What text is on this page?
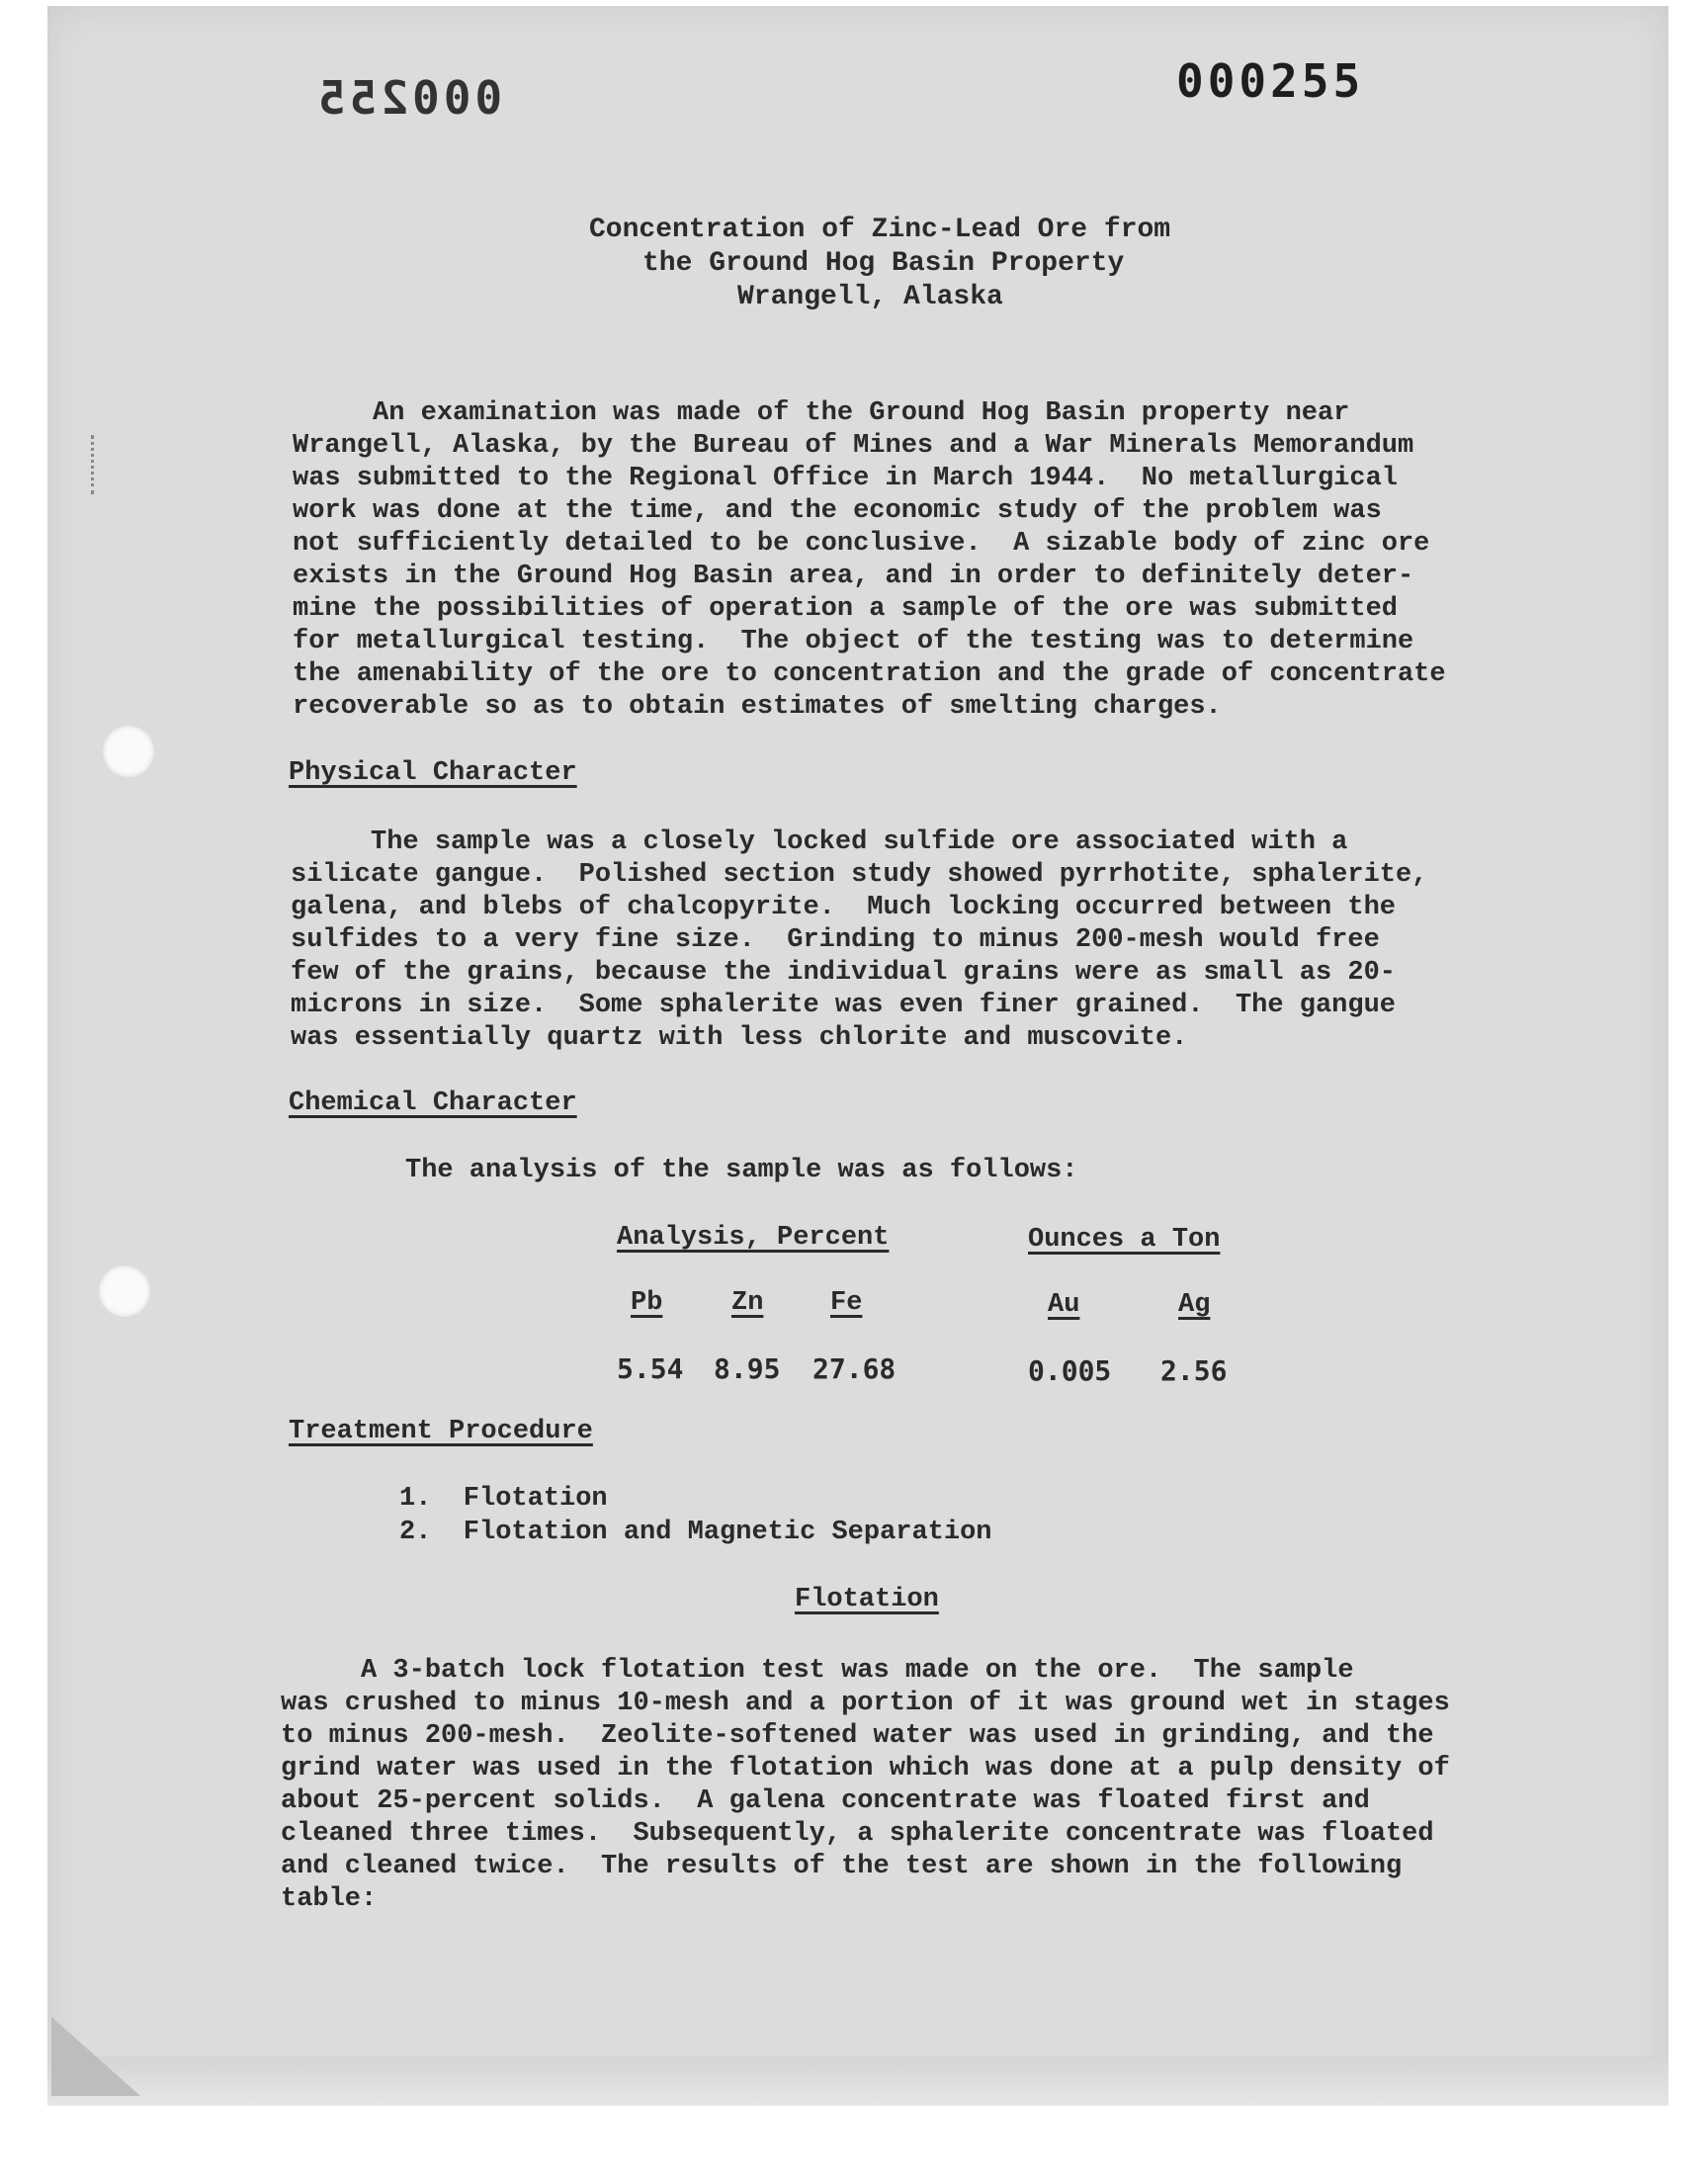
000255
000255
Concentration of Zinc-Lead Ore from
the Ground Hog Basin Property
Wrangell, Alaska
An examination was made of the Ground Hog Basin property near
Wrangell, Alaska, by the Bureau of Mines and a War Minerals Memorandum
was submitted to the Regional Office in March 1944.  No metallurgical
work was done at the time, and the economic study of the problem was
not sufficiently detailed to be conclusive.  A sizable body of zinc ore
exists in the Ground Hog Basin area, and in order to definitely deter-
mine the possibilities of operation a sample of the ore was submitted
for metallurgical testing.  The object of the testing was to determine
the amenability of the ore to concentration and the grade of concentrate
recoverable so as to obtain estimates of smelting charges.
Physical Character
The sample was a closely locked sulfide ore associated with a
silicate gangue.  Polished section study showed pyrrhotite, sphalerite,
galena, and blebs of chalcopyrite.  Much locking occurred between the
sulfides to a very fine size.  Grinding to minus 200-mesh would free
few of the grains, because the individual grains were as small as 20-
microns in size.  Some sphalerite was even finer grained.  The gangue
was essentially quartz with less chlorite and muscovite.
Chemical Character
The analysis of the sample was as follows:
Analysis, Percent	Ounces a Ton
Pb	Zn	Fe	Au	Ag
5.54 8.95 27.68	0.005 2.56
Treatment Procedure
1.  Flotation
2.  Flotation and Magnetic Separation
Flotation
A 3-batch lock flotation test was made on the ore.  The sample
was crushed to minus 10-mesh and a portion of it was ground wet in stages
to minus 200-mesh.  Zeolite-softened water was used in grinding, and the
grind water was used in the flotation which was done at a pulp density of
about 25-percent solids.  A galena concentrate was floated first and
cleaned three times.  Subsequently, a sphalerite concentrate was floated
and cleaned twice.  The results of the test are shown in the following
table:
